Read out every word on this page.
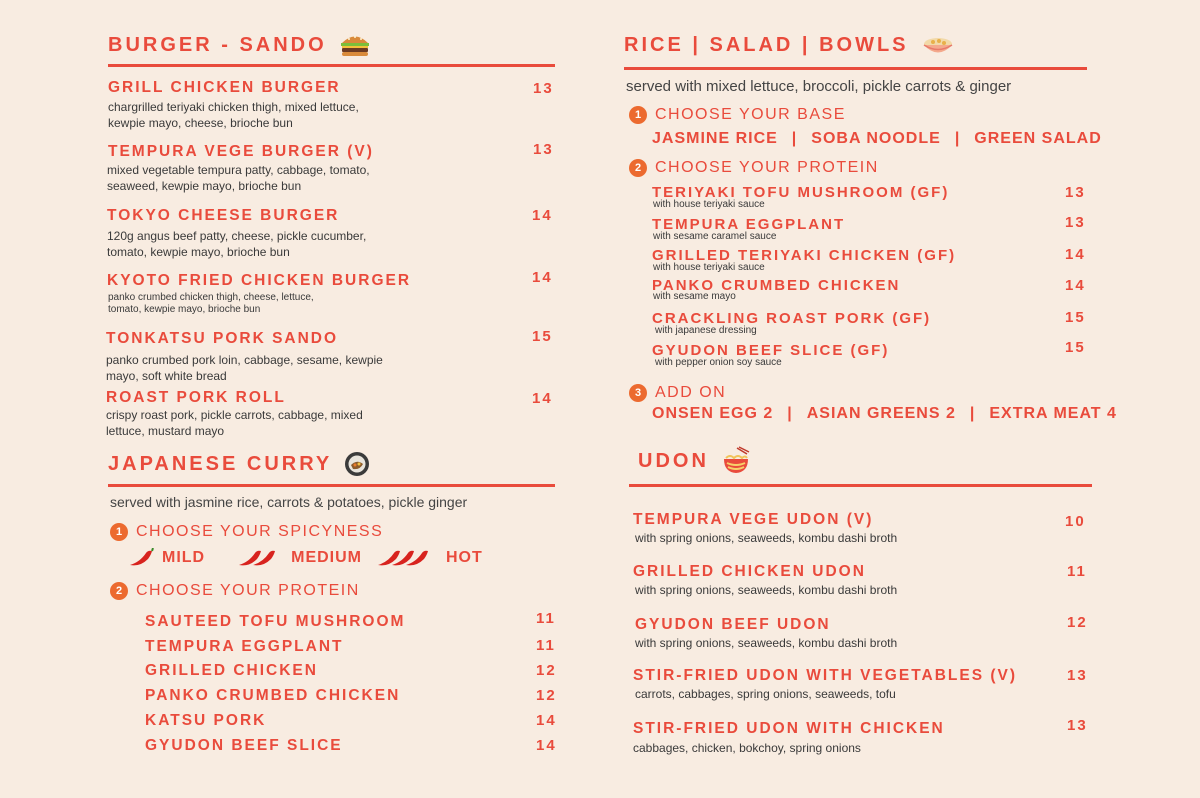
BURGER - SANDO
GRILL CHICKEN BURGER	13
chargrilled teriyaki chicken thigh, mixed lettuce, kewpie mayo, cheese, brioche bun
TEMPURA VEGE BURGER (V)	13
mixed vegetable tempura patty, cabbage, tomato, seaweed, kewpie mayo, brioche bun
TOKYO CHEESE BURGER	14
120g angus beef patty, cheese, pickle cucumber, tomato, kewpie mayo, brioche bun
KYOTO FRIED CHICKEN BURGER	14
panko crumbed chicken thigh, cheese, lettuce, tomato, kewpie mayo, brioche bun
TONKATSU PORK SANDO	15
panko crumbed pork loin, cabbage, sesame, kewpie mayo, soft white bread
ROAST PORK ROLL	14
crispy roast pork, pickle carrots, cabbage, mixed lettuce, mustard mayo
JAPANESE CURRY
served with jasmine rice, carrots & potatoes, pickle ginger
1 CHOOSE YOUR SPICYNESS
MILD	MEDIUM	HOT
2 CHOOSE YOUR PROTEIN
SAUTEED TOFU MUSHROOM	11
TEMPURA EGGPLANT	11
GRILLED CHICKEN	12
PANKO CRUMBED CHICKEN	12
KATSU PORK	14
GYUDON BEEF SLICE	14
RICE | SALAD | BOWLS
served with mixed lettuce, broccoli, pickle carrots & ginger
1 CHOOSE YOUR BASE
JASMINE RICE | SOBA NOODLE | GREEN SALAD
2 CHOOSE YOUR PROTEIN
TERIYAKI TOFU MUSHROOM (GF)	13
with house teriyaki sauce
TEMPURA EGGPLANT	13
with sesame caramel sauce
GRILLED TERIYAKI CHICKEN (GF)	14
with house teriyaki sauce
PANKO CRUMBED CHICKEN	14
with sesame mayo
CRACKLING ROAST PORK (GF)	15
with japanese dressing
GYUDON BEEF SLICE (GF)	15
with pepper onion soy sauce
3 ADD ON
ONSEN EGG 2 | ASIAN GREENS 2 | EXTRA MEAT 4
UDON
TEMPURA VEGE UDON (V)	10
with spring onions, seaweeds, kombu dashi broth
GRILLED CHICKEN UDON	11
with spring onions, seaweeds, kombu dashi broth
GYUDON BEEF UDON	12
with spring onions, seaweeds, kombu dashi broth
STIR-FRIED UDON WITH VEGETABLES (V)	13
carrots, cabbages, spring onions, seaweeds, tofu
STIR-FRIED UDON WITH CHICKEN	13
cabbages, chicken, bokchoy, spring onions
